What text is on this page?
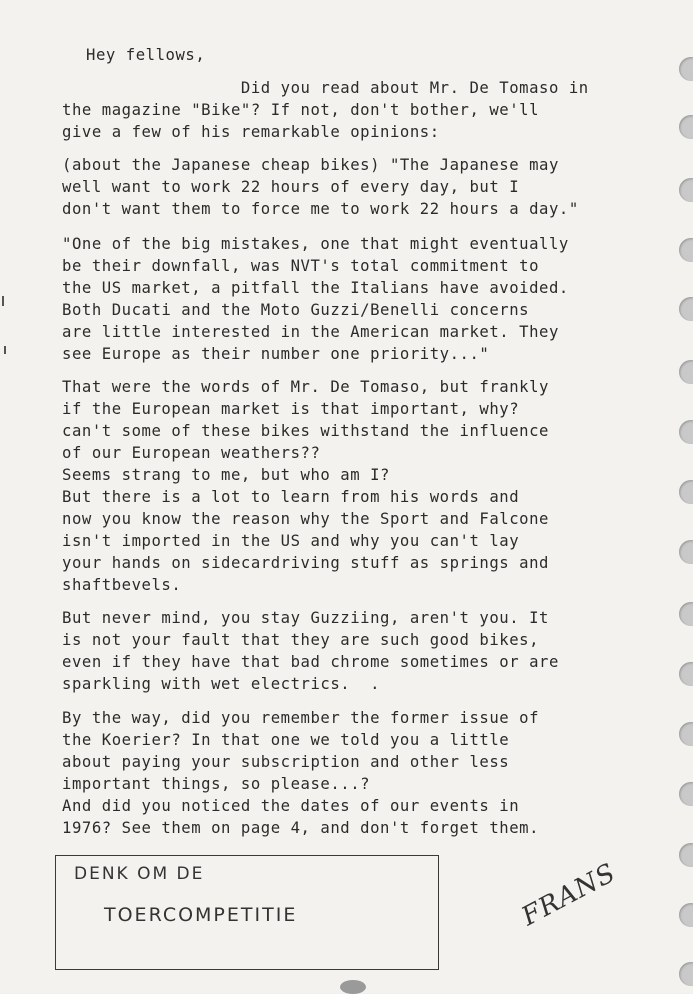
Hey fellows,
Did you read about Mr. De Tomaso in
the magazine "Bike"? If not, don't bother, we'll
give a few of his remarkable opinions:
(about the Japanese cheap bikes) "The Japanese may
well want to work 22 hours of every day, but I
don't want them to force me to work 22 hours a day."
"One of the big mistakes, one that might eventually
be their downfall, was NVT's total commitment to
the US market, a pitfall the Italians have avoided.
Both Ducati and the Moto Guzzi/Benelli concerns
are little interested in the American market. They
see Europe as their number one priority..."
That were the words of Mr. De Tomaso, but frankly
if the European market is that important, why?
can't some of these bikes withstand the influence
of our European weathers??
Seems strang to me, but who am I?
But there is a lot to learn from his words and
now you know the reason why the Sport and Falcone
isn't imported in the US and why you can't lay
your hands on sidecardriving stuff as springs and
shaftbevels.
But never mind, you stay Guzziing, aren't you. It
is not your fault that they are such good bikes,
even if they have that bad chrome sometimes or are
sparkling with wet electrics.  .
By the way, did you remember the former issue of
the Koerier? In that one we told you a little
about paying your subscription and other less
important things, so please...?
And did you noticed the dates of our events in
1976? See them on page 4, and don't forget them.
DENK OM DE
TOERCOMPETITIE	FRANS
